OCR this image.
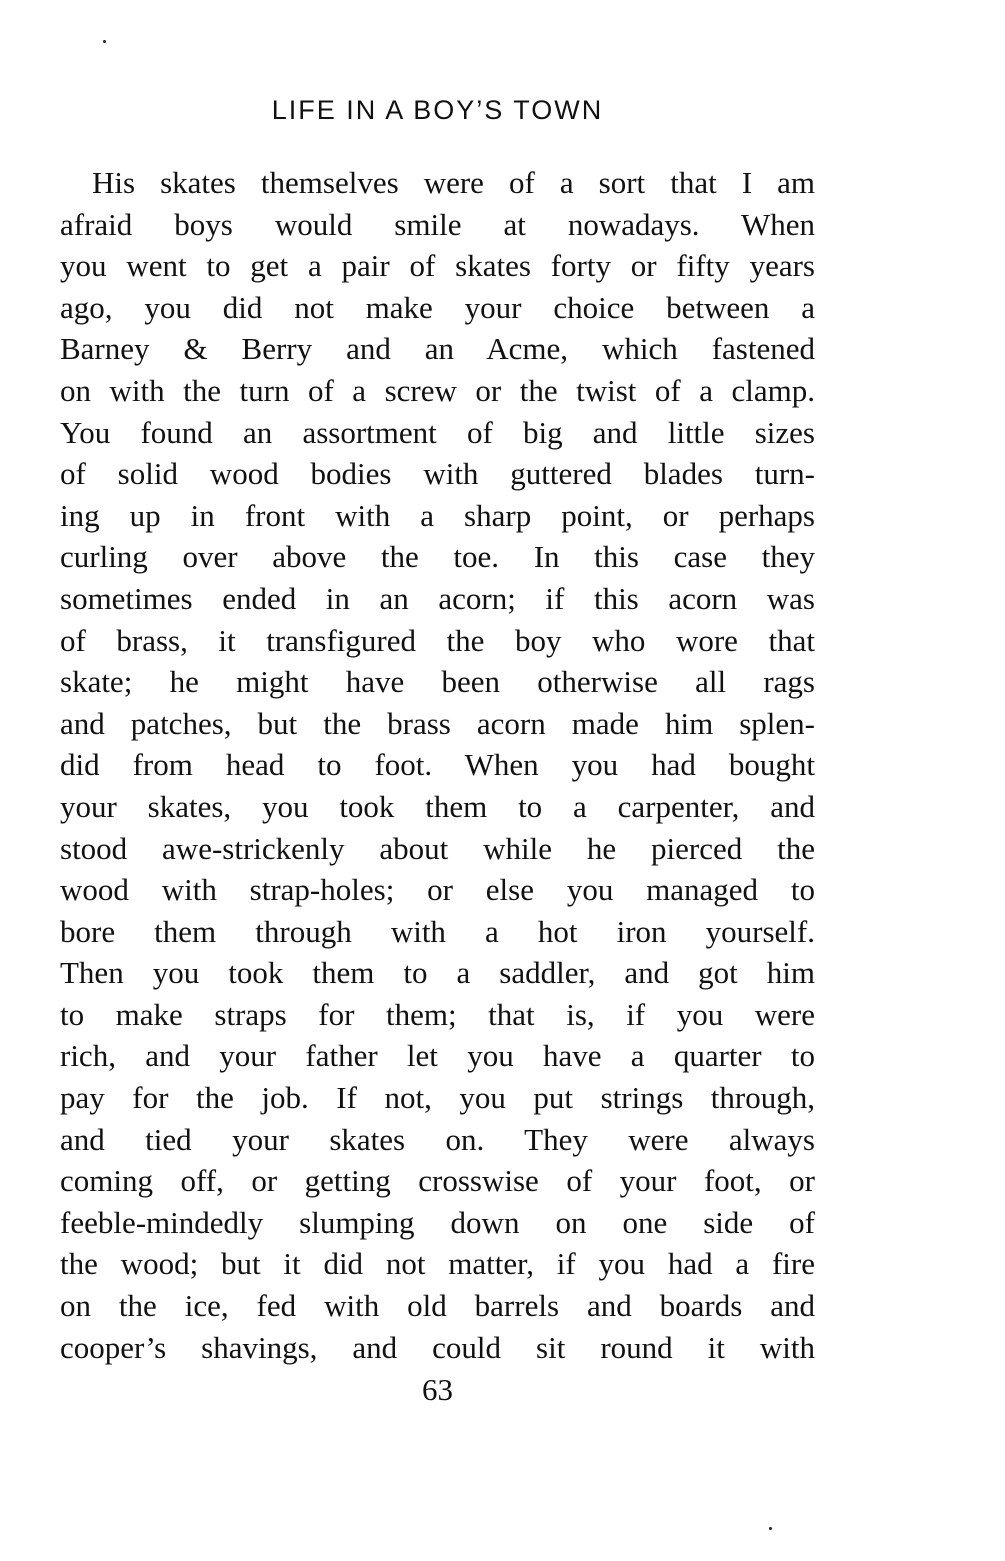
LIFE IN A BOY’S TOWN
His skates themselves were of a sort that I am
afraid boys would smile at nowadays. When
you went to get a pair of skates forty or fifty years
ago, you did not make your choice between a
Barney & Berry and an Acme, which fastened
on with the turn of a screw or the twist of a clamp.
You found an assortment of big and little sizes
of solid wood bodies with guttered blades turn-
ing up in front with a sharp point, or perhaps
curling over above the toe. In this case they
sometimes ended in an acorn; if this acorn was
of brass, it transfigured the boy who wore that
skate; he might have been otherwise all rags
and patches, but the brass acorn made him splen-
did from head to foot. When you had bought
your skates, you took them to a carpenter, and
stood awe-strickenly about while he pierced the
wood with strap-holes; or else you managed to
bore them through with a hot iron yourself.
Then you took them to a saddler, and got him
to make straps for them; that is, if you were
rich, and your father let you have a quarter to
pay for the job. If not, you put strings through,
and tied your skates on. They were always
coming off, or getting crosswise of your foot, or
feeble-mindedly slumping down on one side of
the wood; but it did not matter, if you had a fire
on the ice, fed with old barrels and boards and
cooper’s shavings, and could sit round it with
63
